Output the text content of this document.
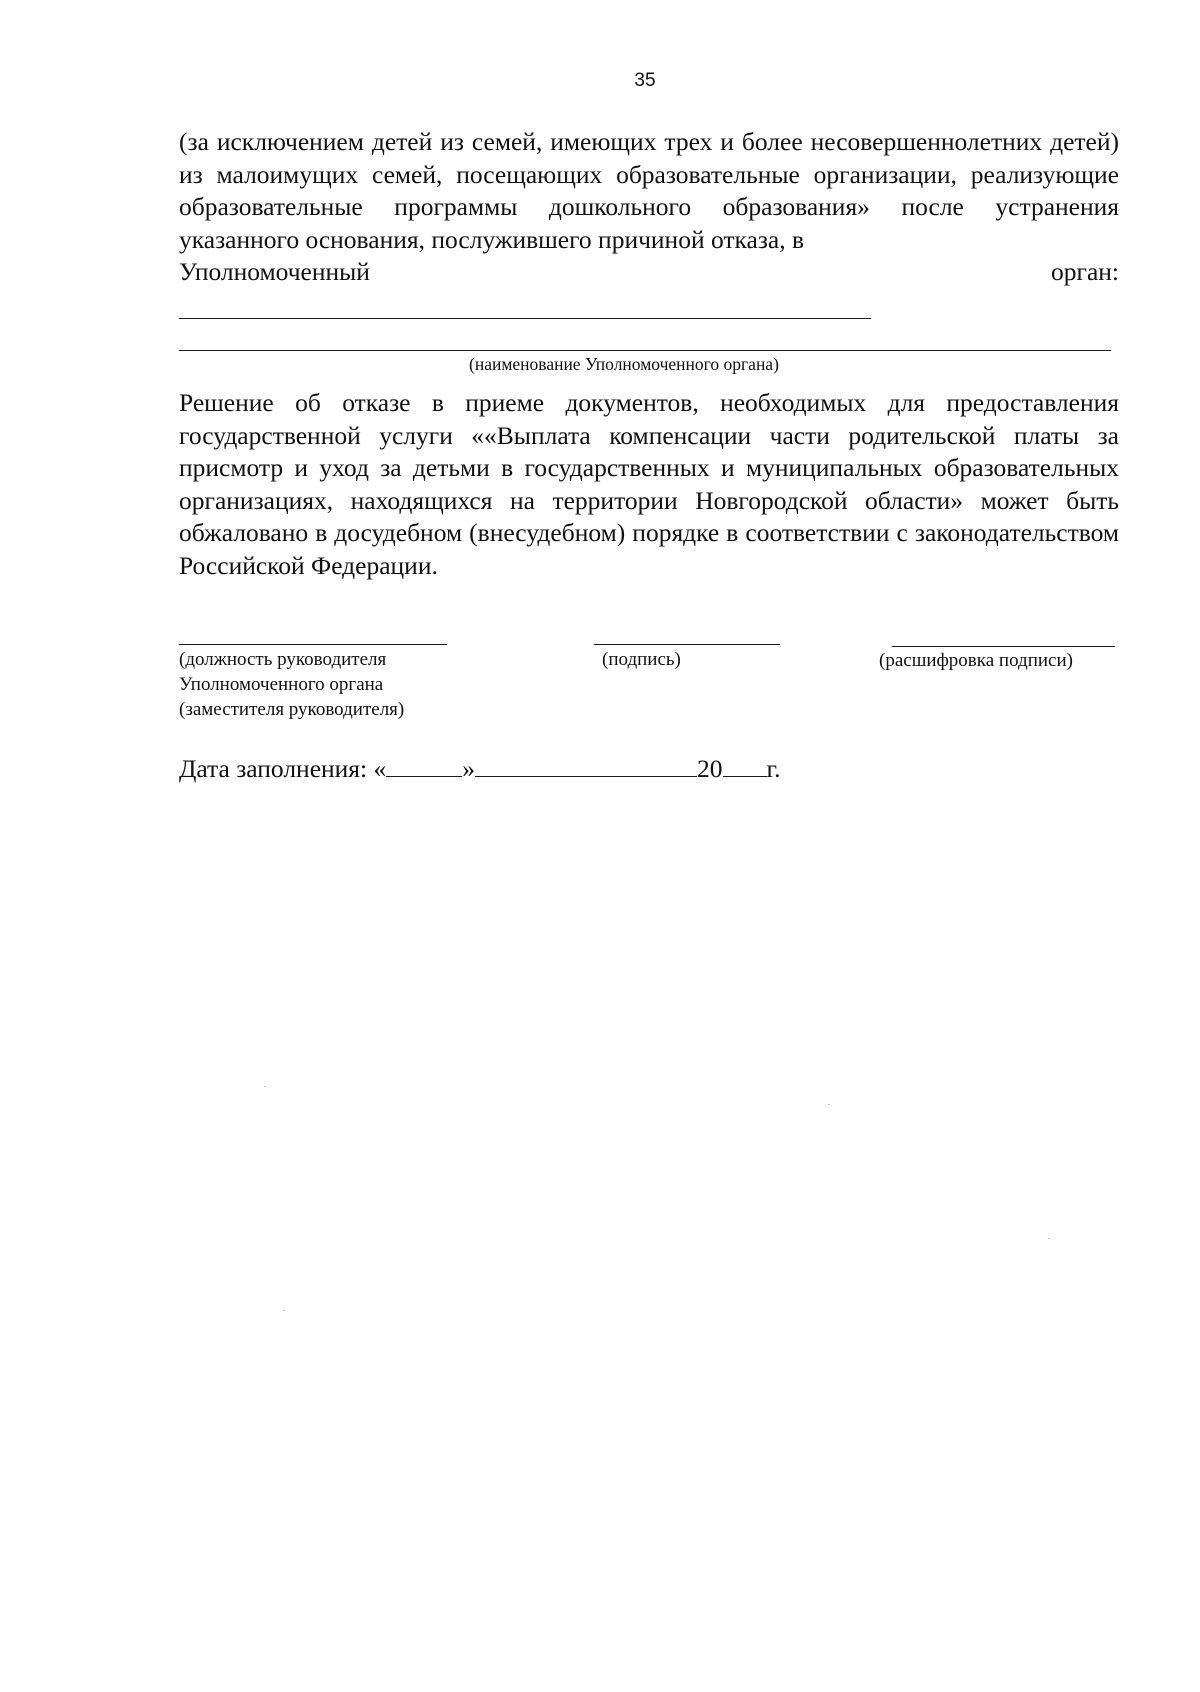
35
(за исключением детей из семей, имеющих трех и более несовершеннолетних детей) из малоимущих семей, посещающих образовательные организации, реализующие образовательные программы дошкольного образования» после устранения указанного основания, послужившего причиной отказа, в
Уполномоченный	орган:
(наименование Уполномоченного органа)
Решение об отказе в приеме документов, необходимых для предоставления государственной услуги ««Выплата компенсации части родительской платы за присмотр и уход за детьми в государственных и муниципальных образовательных организациях, находящихся на территории Новгородской области» может быть обжаловано в досудебном (внесудебном) порядке в соответствии с законодательством Российской Федерации.
(должность руководителя
Уполномоченного органа
(заместителя руководителя)
(подпись)	(расшифровка подписи)
Дата заполнения: «	»	20 г.
